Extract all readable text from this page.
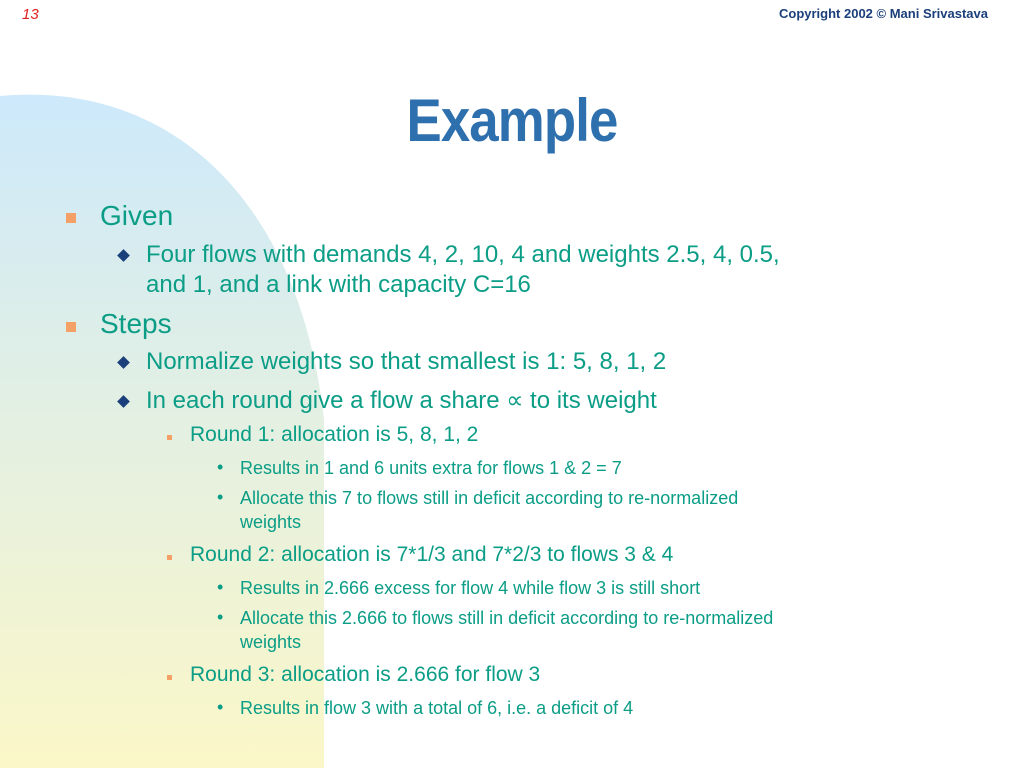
13	Copyright 2002 © Mani Srivastava
Example
Given
Four flows with demands 4, 2, 10, 4 and weights 2.5, 4, 0.5,
and 1, and a link with capacity C=16
Steps
Normalize weights so that smallest is 1: 5, 8, 1, 2
In each round give a flow a share ∝ to its weight
Round 1: allocation is 5, 8, 1, 2
• Results in 1 and 6 units extra for flows 1 & 2 = 7
• Allocate this 7 to flows still in deficit according to re-normalized
weights
Round 2: allocation is 7*1/3 and 7*2/3 to flows 3 & 4
• Results in 2.666 excess for flow 4 while flow 3 is still short
• Allocate this 2.666 to flows still in deficit according to re-normalized
weights
Round 3: allocation is 2.666 for flow 3
• Results in flow 3 with a total of 6, i.e. a deficit of 4
